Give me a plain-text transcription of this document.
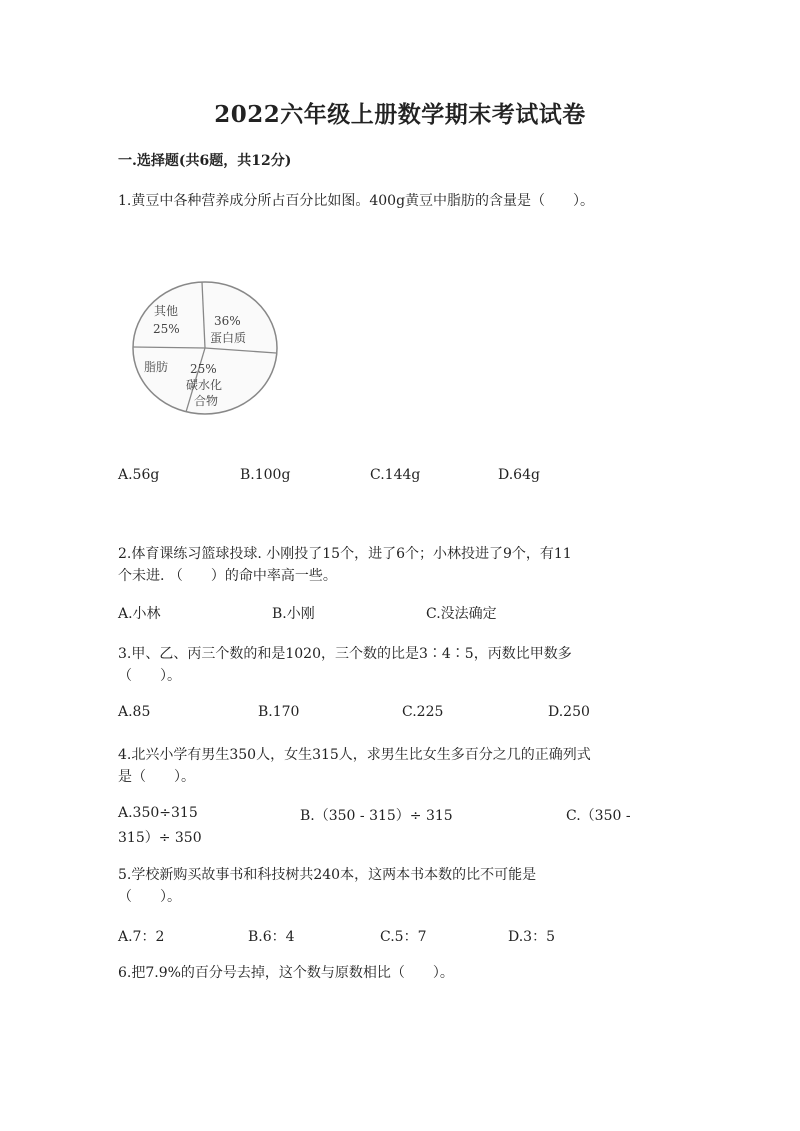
2022六年级上册数学期末考试试卷
一.选择题(共6题，共12分)
1.黄豆中各种营养成分所占百分比如图。400g黄豆中脂肪的含量是（　　）。
其他
25%
36%
蛋白质
脂肪 25%
碳水化
合物
A.56g	B.100g	C.144g	D.64g
2.体育课练习篮球投球. 小刚投了15个，进了6个；小林投进了9个，有11
个未进. （　　）的命中率高一些。
A.小林	B.小刚	C.没法确定
3.甲、乙、丙三个数的和是1020，三个数的比是3∶4∶5，丙数比甲数多
（　　）。
A.85	B.170	C.225	D.250
4.北兴小学有男生350人，女生315人，求男生比女生多百分之几的正确列式
是（　　）。
A.350÷315	B.（350 - 315）÷ 315	C.（350 -
315）÷ 350
5.学校新购买故事书和科技树共240本，这两本书本数的比不可能是
（　　）。
A.7：2	B.6：4	C.5：7	D.3：5
6.把7.9%的百分号去掉，这个数与原数相比（　　）。
